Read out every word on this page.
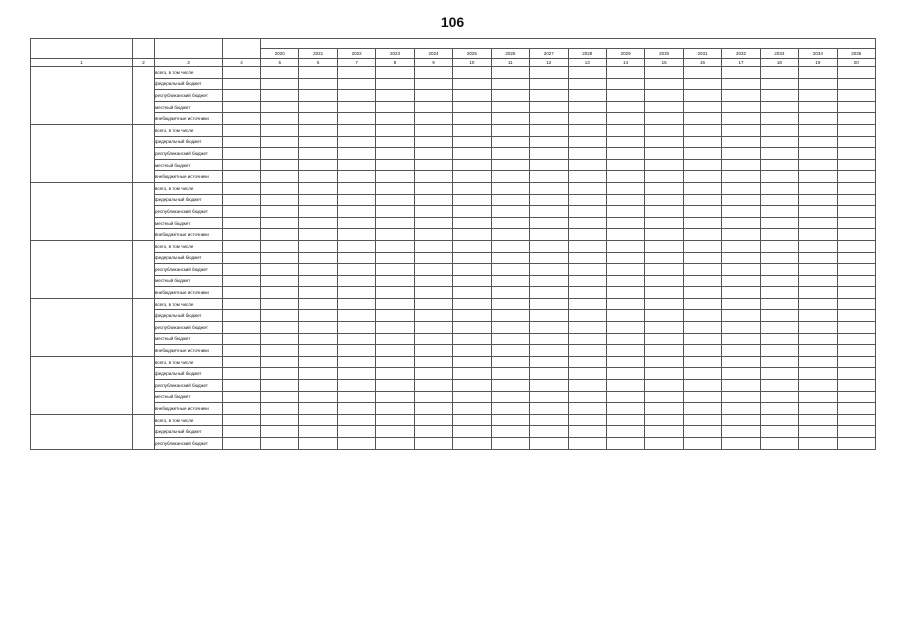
106

				2020	2021	2022	2023	2024	2025	2026	2027	2028	2029	2030	2031	2032	2033	2034	2035
1	2	3	4	5	6	7	8	9	10	11	12	13	14	15	16	17	18	19	20
		всего, в том числе																	
		федеральный бюджет																	
		республиканский бюджет																	
		местный бюджет																	
		внебюджетные источники																	
		всего, в том числе																	
		федеральный бюджет																	
		республиканский бюджет																	
		местный бюджет																	
		внебюджетные источники																	
		всего, в том числе																	
		федеральный бюджет																	
		республиканский бюджет																	
		местный бюджет																	
		внебюджетные источники																	
		всего, в том числе																	
		федеральный бюджет																	
		республиканский бюджет																	
		местный бюджет																	
		внебюджетные источники																	
		всего, в том числе																	
		федеральный бюджет																	
		республиканский бюджет																	
		местный бюджет																	
		внебюджетные источники																	
		всего, в том числе																	
		федеральный бюджет																	
		республиканский бюджет																	
		местный бюджет																	
		внебюджетные источники																	
		всего, в том числе																	
		федеральный бюджет																	
		республиканский бюджет																	
